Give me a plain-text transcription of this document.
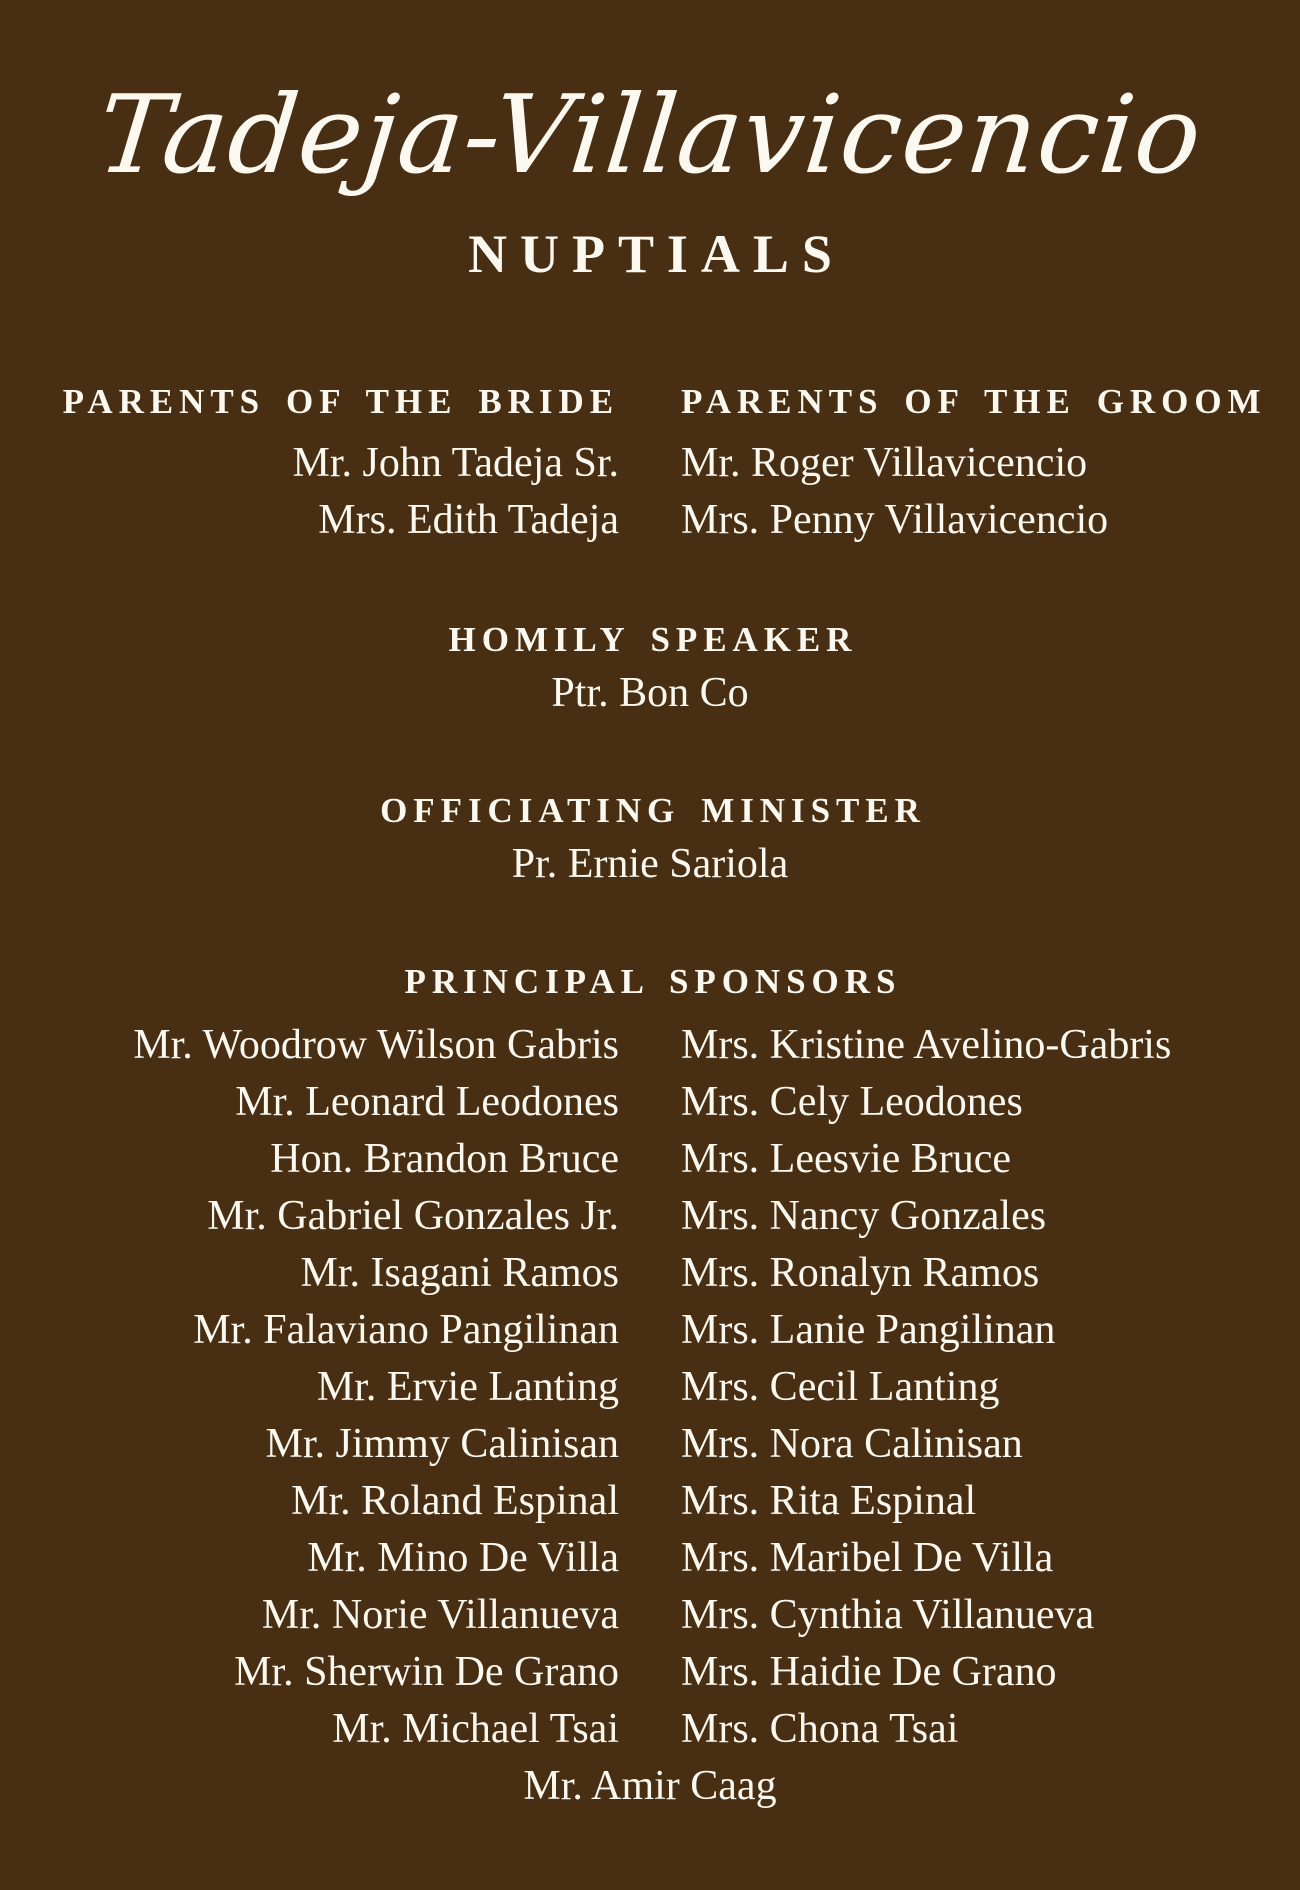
Tadeja-Villavicencio
NUPTIALS
PARENTS OF THE BRIDE PARENTS OF THE GROOM
Mr. John Tadeja Sr. Mr. Roger Villavicencio
Mrs. Edith Tadeja Mrs. Penny Villavicencio
HOMILY SPEAKER
Ptr. Bon Co
OFFICIATING MINISTER
Pr. Ernie Sariola
PRINCIPAL SPONSORS
Mr. Woodrow Wilson Gabris Mrs. Kristine Avelino-Gabris
Mr. Leonard Leodones Mrs. Cely Leodones
Hon. Brandon Bruce Mrs. Leesvie Bruce
Mr. Gabriel Gonzales Jr. Mrs. Nancy Gonzales
Mr. Isagani Ramos Mrs. Ronalyn Ramos
Mr. Falaviano Pangilinan Mrs. Lanie Pangilinan
Mr. Ervie Lanting Mrs. Cecil Lanting
Mr. Jimmy Calinisan Mrs. Nora Calinisan
Mr. Roland Espinal Mrs. Rita Espinal
Mr. Mino De Villa Mrs. Maribel De Villa
Mr. Norie Villanueva Mrs. Cynthia Villanueva
Mr. Sherwin De Grano Mrs. Haidie De Grano
Mr. Michael Tsai Mrs. Chona Tsai
Mr. Amir Caag
